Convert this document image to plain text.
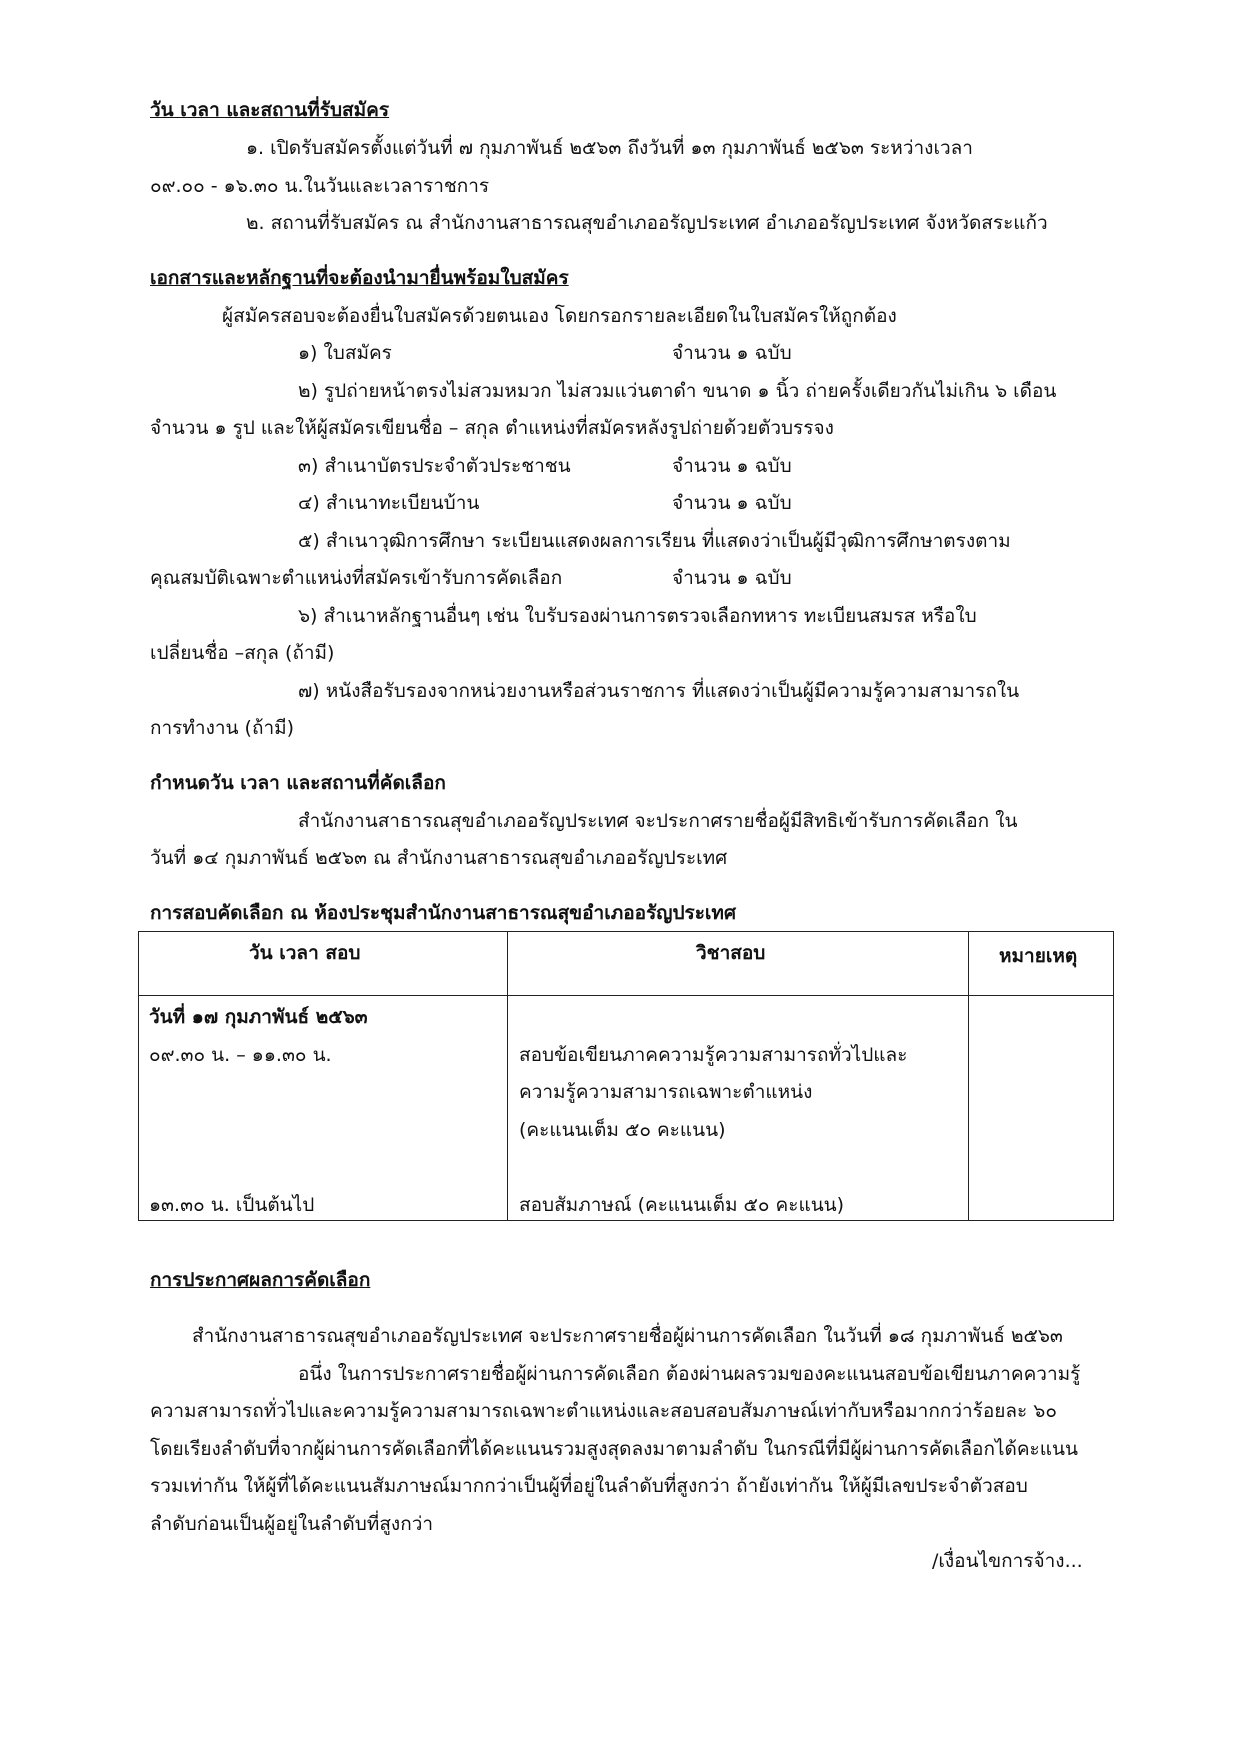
วัน เวลา และสถานที่รับสมัคร
๑. เปิดรับสมัครตั้งแต่วันที่ ๗ กุมภาพันธ์ ๒๕๖๓ ถึงวันที่ ๑๓ กุมภาพันธ์ ๒๕๖๓ ระหว่างเวลา
๐๙.๐๐ - ๑๖.๓๐ น.ในวันและเวลาราชการ
๒. สถานที่รับสมัคร ณ สำนักงานสาธารณสุขอำเภออรัญประเทศ อำเภออรัญประเทศ จังหวัดสระแก้ว
เอกสารและหลักฐานที่จะต้องนำมายื่นพร้อมใบสมัคร
ผู้สมัครสอบจะต้องยื่นใบสมัครด้วยตนเอง โดยกรอกรายละเอียดในใบสมัครให้ถูกต้อง
๑) ใบสมัคร	จำนวน ๑ ฉบับ
๒) รูปถ่ายหน้าตรงไม่สวมหมวก ไม่สวมแว่นตาดำ ขนาด ๑ นิ้ว ถ่ายครั้งเดียวกันไม่เกิน ๖ เดือน
จำนวน ๑ รูป และให้ผู้สมัครเขียนชื่อ – สกุล ตำแหน่งที่สมัครหลังรูปถ่ายด้วยตัวบรรจง
๓) สำเนาบัตรประจำตัวประชาชน	จำนวน ๑ ฉบับ
๔) สำเนาทะเบียนบ้าน	จำนวน ๑ ฉบับ
๕) สำเนาวุฒิการศึกษา ระเบียนแสดงผลการเรียน ที่แสดงว่าเป็นผู้มีวุฒิการศึกษาตรงตาม
คุณสมบัติเฉพาะตำแหน่งที่สมัครเข้ารับการคัดเลือก	จำนวน ๑ ฉบับ
๖) สำเนาหลักฐานอื่นๆ เช่น ใบรับรองผ่านการตรวจเลือกทหาร ทะเบียนสมรส หรือใบ
เปลี่ยนชื่อ –สกุล (ถ้ามี)
๗) หนังสือรับรองจากหน่วยงานหรือส่วนราชการ ที่แสดงว่าเป็นผู้มีความรู้ความสามารถใน
การทำงาน (ถ้ามี)
กำหนดวัน เวลา และสถานที่คัดเลือก
สำนักงานสาธารณสุขอำเภออรัญประเทศ จะประกาศรายชื่อผู้มีสิทธิเข้ารับการคัดเลือก ใน
วันที่ ๑๔ กุมภาพันธ์ ๒๕๖๓ ณ สำนักงานสาธารณสุขอำเภออรัญประเทศ
การสอบคัดเลือก ณ ห้องประชุมสำนักงานสาธารณสุขอำเภออรัญประเทศ
วัน เวลา สอบ	วิชาสอบ	หมายเหตุ
วันที่ ๑๗ กุมภาพันธ์ ๒๕๖๓
๐๙.๓๐ น. – ๑๑.๓๐ น.	สอบข้อเขียนภาคความรู้ความสามารถทั่วไปและ
ความรู้ความสามารถเฉพาะตำแหน่ง
(คะแนนเต็ม ๕๐ คะแนน)
๑๓.๓๐ น. เป็นต้นไป	สอบสัมภาษณ์ (คะแนนเต็ม ๕๐ คะแนน)
การประกาศผลการคัดเลือก
สำนักงานสาธารณสุขอำเภออรัญประเทศ จะประกาศรายชื่อผู้ผ่านการคัดเลือก ในวันที่ ๑๘ กุมภาพันธ์ ๒๕๖๓
อนึ่ง ในการประกาศรายชื่อผู้ผ่านการคัดเลือก ต้องผ่านผลรวมของคะแนนสอบข้อเขียนภาคความรู้
ความสามารถทั่วไปและความรู้ความสามารถเฉพาะตำแหน่งและสอบสอบสัมภาษณ์เท่ากับหรือมากกว่าร้อยละ ๖๐
โดยเรียงลำดับที่จากผู้ผ่านการคัดเลือกที่ได้คะแนนรวมสูงสุดลงมาตามลำดับ ในกรณีที่มีผู้ผ่านการคัดเลือกได้คะแนน
รวมเท่ากัน ให้ผู้ที่ได้คะแนนสัมภาษณ์มากกว่าเป็นผู้ที่อยู่ในลำดับที่สูงกว่า ถ้ายังเท่ากัน ให้ผู้มีเลขประจำตัวสอบ
ลำดับก่อนเป็นผู้อยู่ในลำดับที่สูงกว่า
/เงื่อนไขการจ้าง...
